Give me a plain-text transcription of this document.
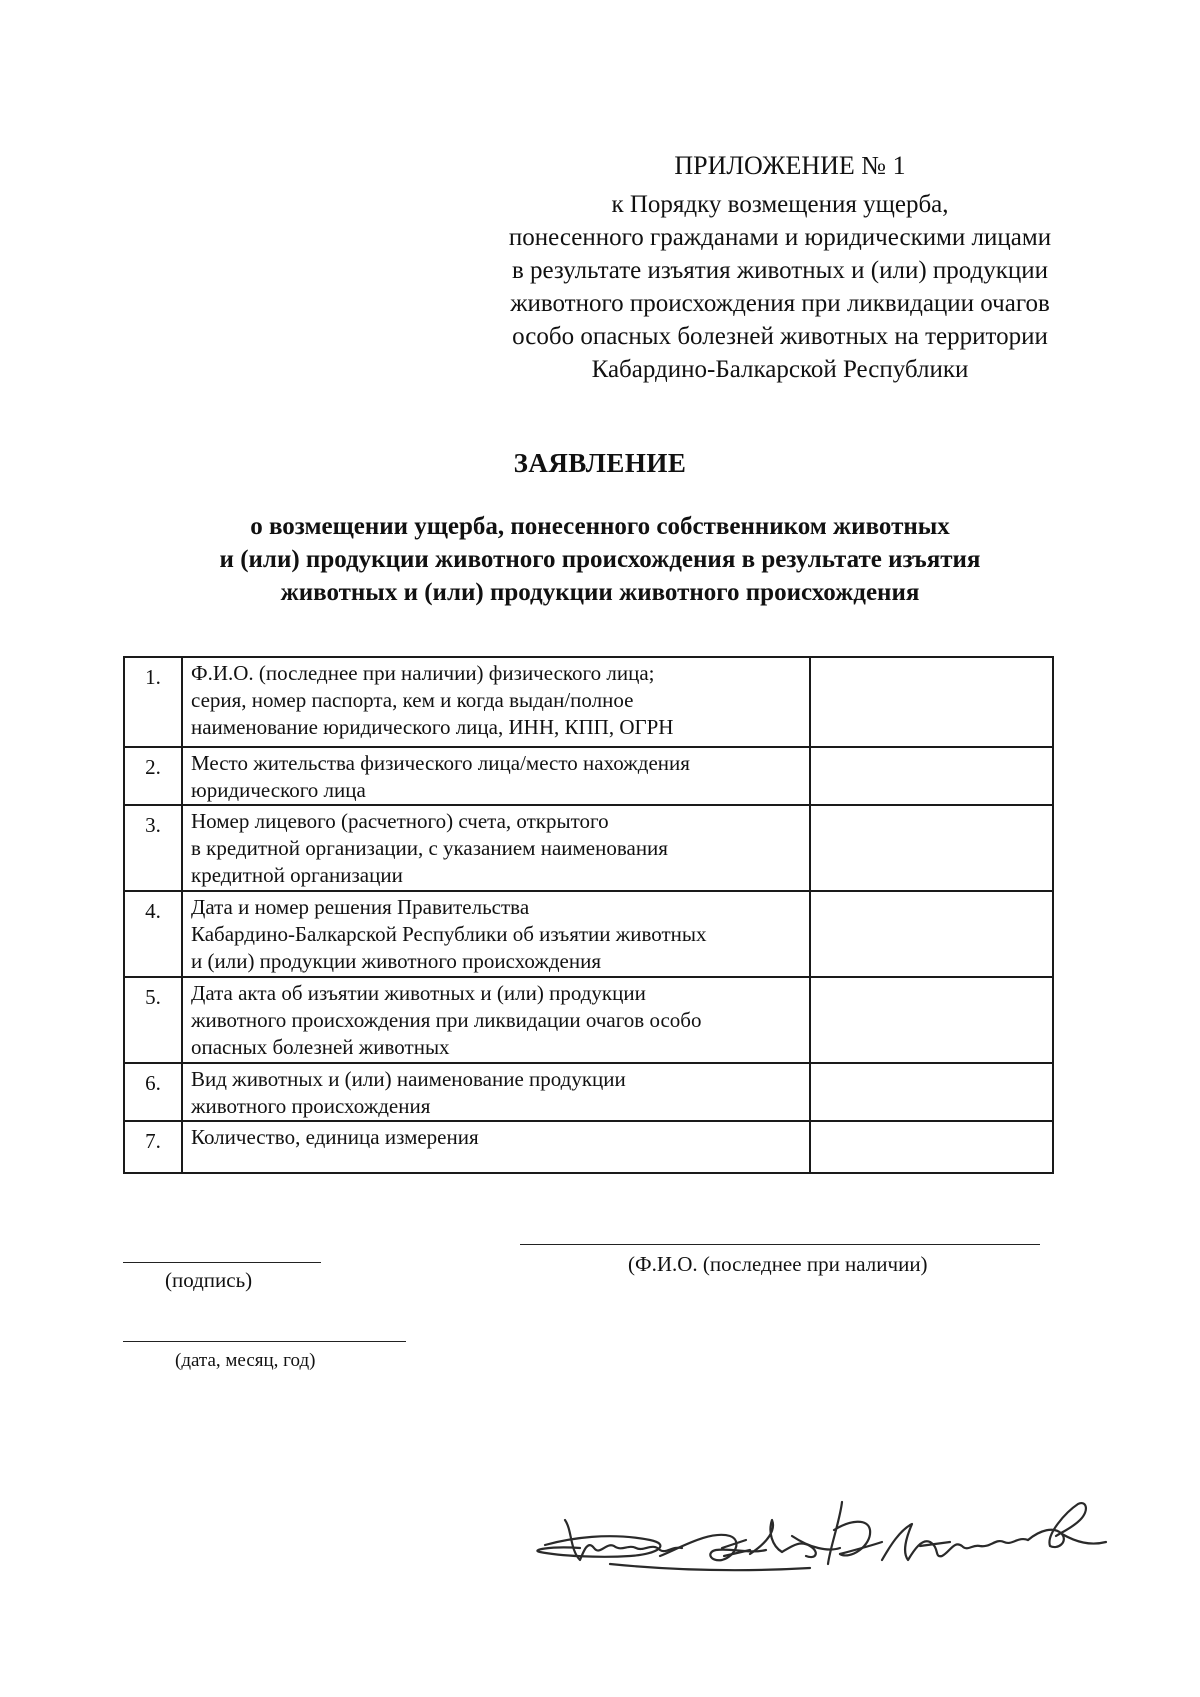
ПРИЛОЖЕНИЕ № 1
к Порядку возмещения ущерба,
понесенного гражданами и юридическими лицами
в результате изъятия животных и (или) продукции
животного происхождения при ликвидации очагов
особо опасных болезней животных на территории
Кабардино-Балкарской Республики
ЗАЯВЛЕНИЕ
о возмещении ущерба, понесенного собственником животных
и (или) продукции животного происхождения в результате изъятия
животных и (или) продукции животного происхождения
1.	Ф.И.О. (последнее при наличии) физического лица;
серия, номер паспорта, кем и когда выдан/полное
наименование юридического лица, ИНН, КПП, ОГРН	

2.	Место жительства физического лица/место нахождения
юридического лица	

3.	Номер лицевого (расчетного) счета, открытого
в кредитной организации, с указанием наименования
кредитной организации	

4.	Дата и номер решения Правительства
Кабардино-Балкарской Республики об изъятии животных
и (или) продукции животного происхождения	

5.	Дата акта об изъятии животных и (или) продукции
животного происхождения при ликвидации очагов особо
опасных болезней животных	

6.	Вид животных и (или) наименование продукции
животного происхождения	

7.	Количество, единица измерения	

(подпись)
(Ф.И.О. (последнее при наличии)
(дата, месяц, год)
